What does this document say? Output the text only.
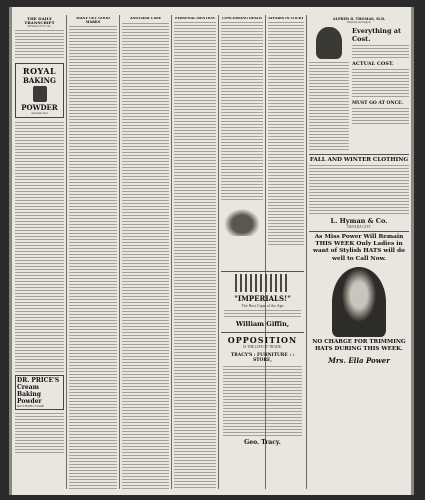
THE DAILY TRANSCRIPT
NEVADA CITY, CAL.
ROYAL
BAKING
POWDER
Absolutely Pure
DR. PRICE'S
Cream Baking
Powder
MOST PERFECT MADE
MANY GET GOOD MARKS
ANOTHER CASE	PERSONAL MENTION	CONCERNING DEATH	AFFAIRS IN COURT
"IMPERIALS!"
The Best Cigar of the Age
William Giffin,
OPPOSITION
IS THE LIFE OF TRADE.
TRACY'S : FURNITURE : : STORE,
Geo. Tracy.
ALFRED D. THOMAS, M.D.
Physician and Surgeon
Everything at Cost.
ACTUAL COST.
MUST GO AT ONCE.
FALL AND WINTER CLOTHING
L. Hyman & Co.
NEVADA CITY
As Miss Power Will Remain THIS WEEK Only Ladies in want of Stylish HATS will do well to Call Now.
NO CHARGE FOR TRIMMING HATS DURING THIS WEEK.
Mrs. Ella Power
